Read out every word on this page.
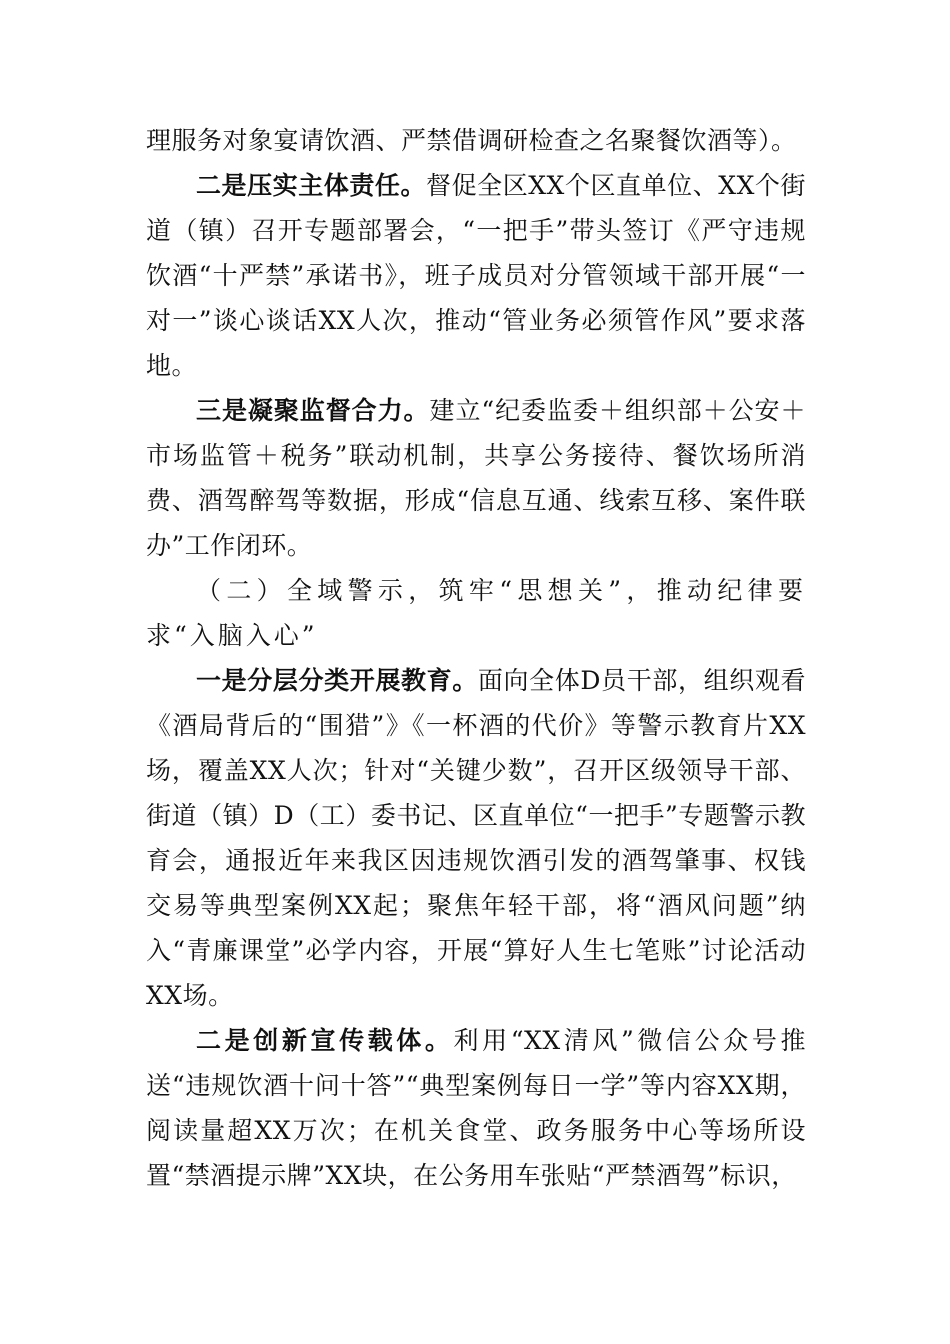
理服务对象宴请饮酒、严禁借调研检查之名聚餐饮酒等）。

二是压实主体责任。督促全区XX个区直单位、XX个街道（镇）召开专题部署会，“一把手”带头签订《严守违规饮酒“十严禁”承诺书》，班子成员对分管领域干部开展“一对一”谈心谈话XX人次，推动“管业务必须管作风”要求落地。

三是凝聚监督合力。建立“纪委监委＋组织部＋公安＋市场监管＋税务”联动机制，共享公务接待、餐饮场所消费、酒驾醉驾等数据，形成“信息互通、线索互移、案件联办”工作闭环。

（二）全域警示，筑牢“思想关”，推动纪律要求“入脑入心”

一是分层分类开展教育。面向全体D员干部，组织观看《酒局背后的“围猎”》《一杯酒的代价》等警示教育片XX场，覆盖XX人次；针对“关键少数”，召开区级领导干部、街道（镇）D（工）委书记、区直单位“一把手”专题警示教育会，通报近年来我区因违规饮酒引发的酒驾肇事、权钱交易等典型案例XX起；聚焦年轻干部，将“酒风问题”纳入“青廉课堂”必学内容，开展“算好人生七笔账”讨论活动XX场。

二是创新宣传载体。利用“XX清风”微信公众号推送“违规饮酒十问十答”“典型案例每日一学”等内容XX期，阅读量超XX万次；在机关食堂、政务服务中心等场所设置“禁酒提示牌”XX块，在公务用车张贴“严禁酒驾”标识，
